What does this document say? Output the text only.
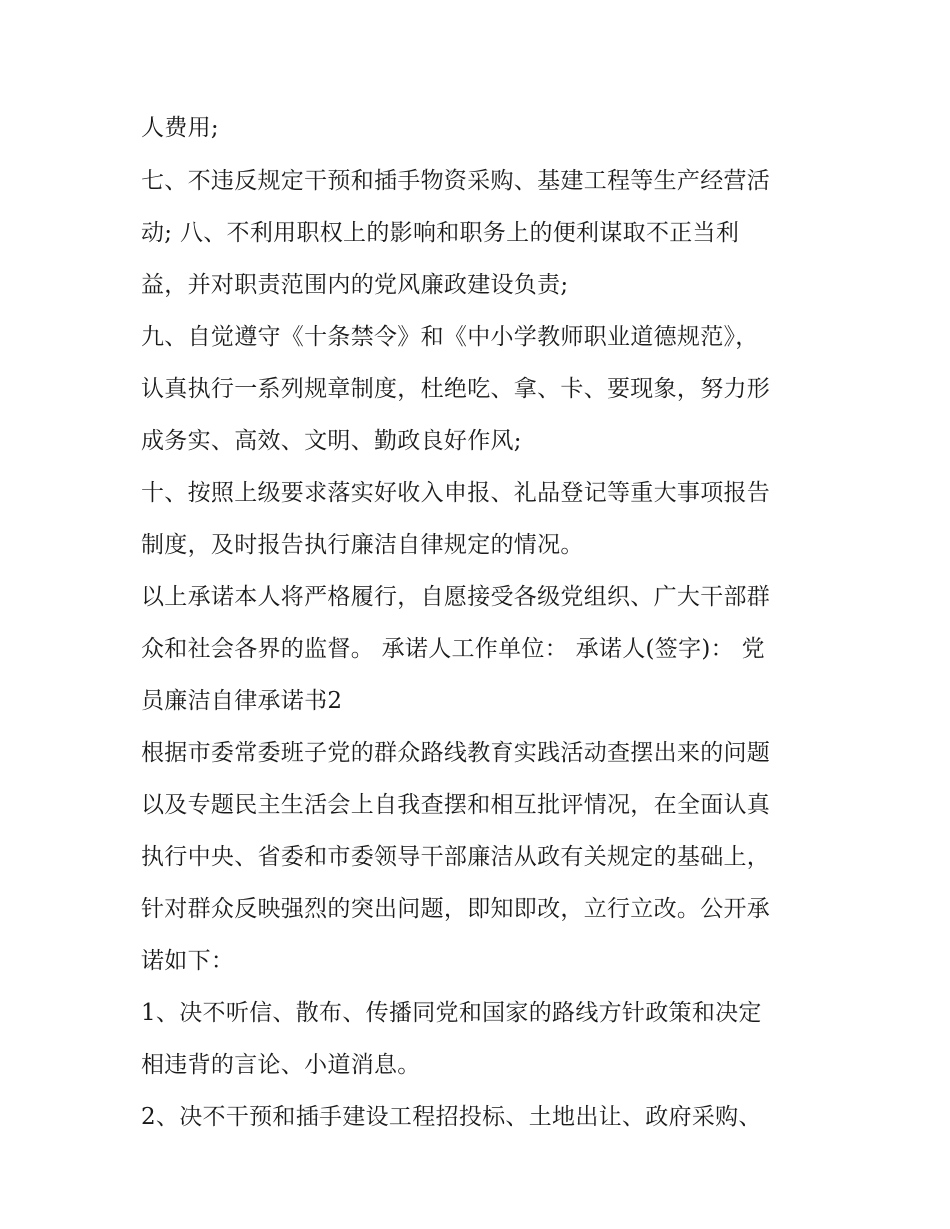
人费用;
七、不违反规定干预和插手物资采购、基建工程等生产经营活
动; 八、不利用职权上的影响和职务上的便利谋取不正当利
益，并对职责范围内的党风廉政建设负责;
九、自觉遵守《十条禁令》和《中小学教师职业道德规范》，
认真执行一系列规章制度，杜绝吃、拿、卡、要现象，努力形
成务实、高效、文明、勤政良好作风;
十、按照上级要求落实好收入申报、礼品登记等重大事项报告
制度，及时报告执行廉洁自律规定的情况。
以上承诺本人将严格履行，自愿接受各级党组织、广大干部群
众和社会各界的监督。 承诺人工作单位： 承诺人(签字)： 党
员廉洁自律承诺书2
根据市委常委班子党的群众路线教育实践活动查摆出来的问题
以及专题民主生活会上自我查摆和相互批评情况，在全面认真
执行中央、省委和市委领导干部廉洁从政有关规定的基础上，
针对群众反映强烈的突出问题，即知即改，立行立改。公开承
诺如下：
1、决不听信、散布、传播同党和国家的路线方针政策和决定
相违背的言论、小道消息。
2、决不干预和插手建设工程招投标、土地出让、政府采购、
